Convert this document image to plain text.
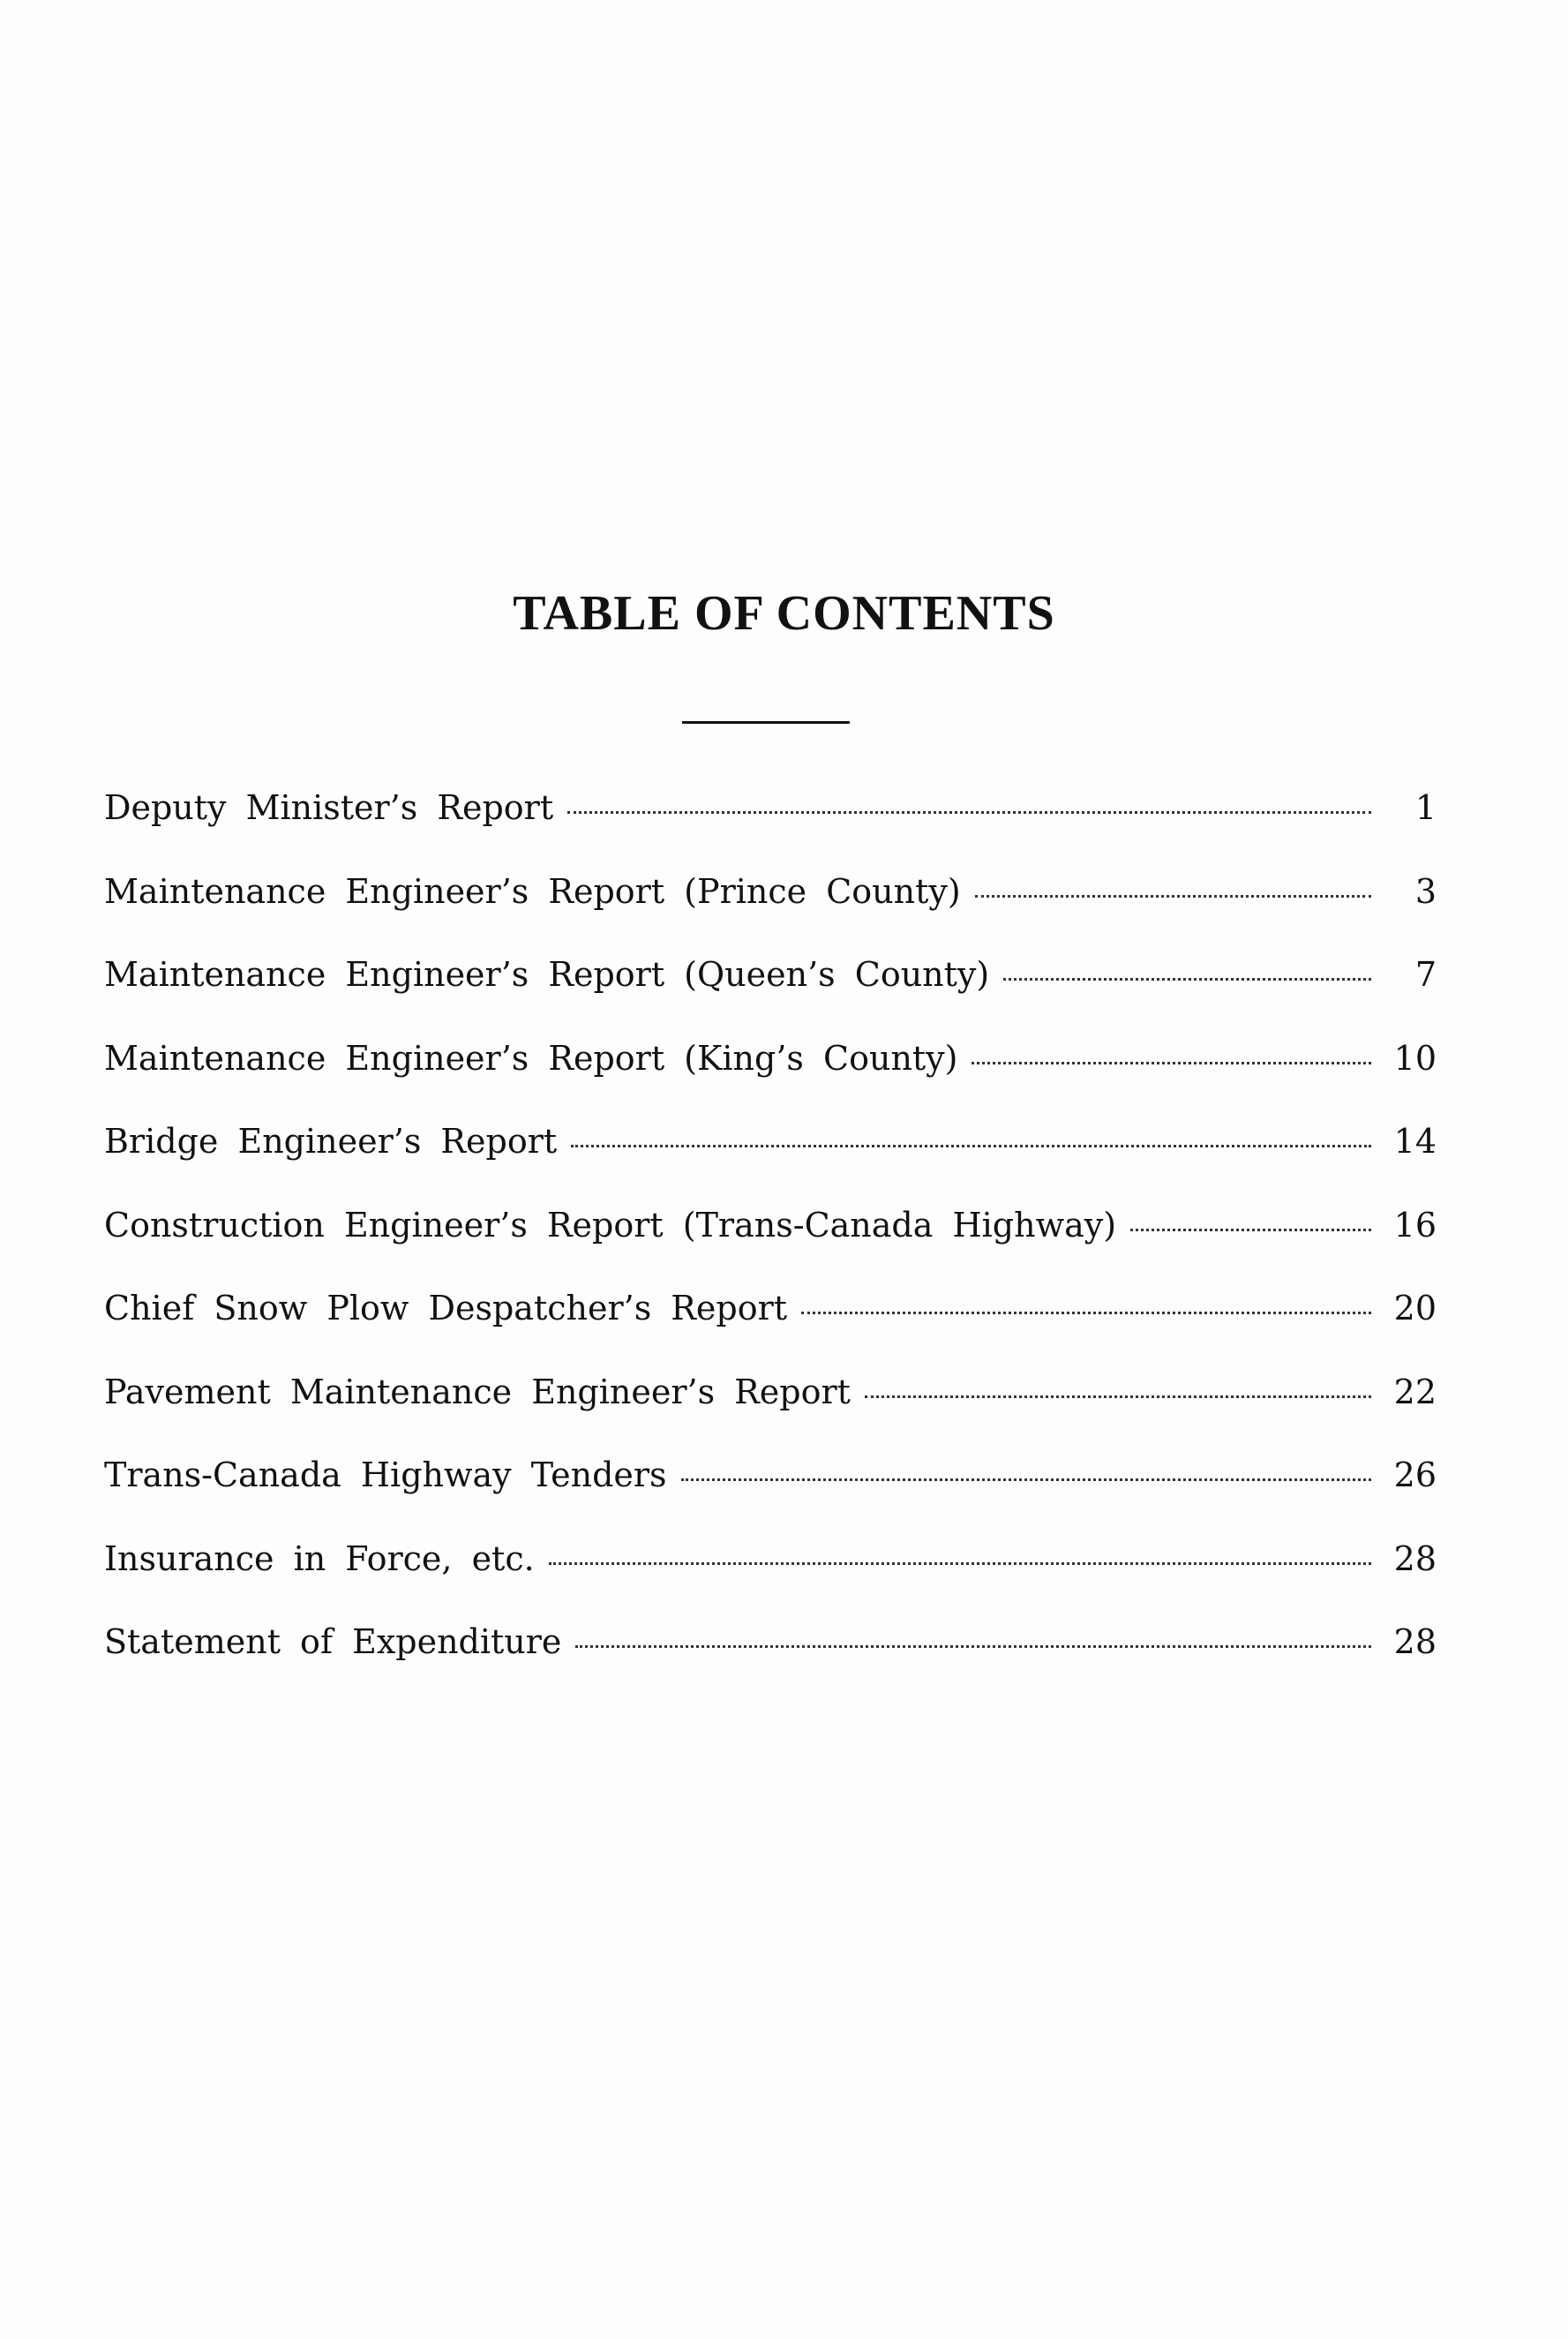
TABLE OF CONTENTS
Deputy Minister’s Report	1
Maintenance Engineer’s Report (Prince County)	3
Maintenance Engineer’s Report (Queen’s County)	7
Maintenance Engineer’s Report (King’s County)	10
Bridge Engineer’s Report	14
Construction Engineer’s Report (Trans-Canada Highway)	16
Chief Snow Plow Despatcher’s Report	20
Pavement Maintenance Engineer’s Report	22
Trans-Canada Highway Tenders	26
Insurance in Force, etc.	28
Statement of Expenditure	28
